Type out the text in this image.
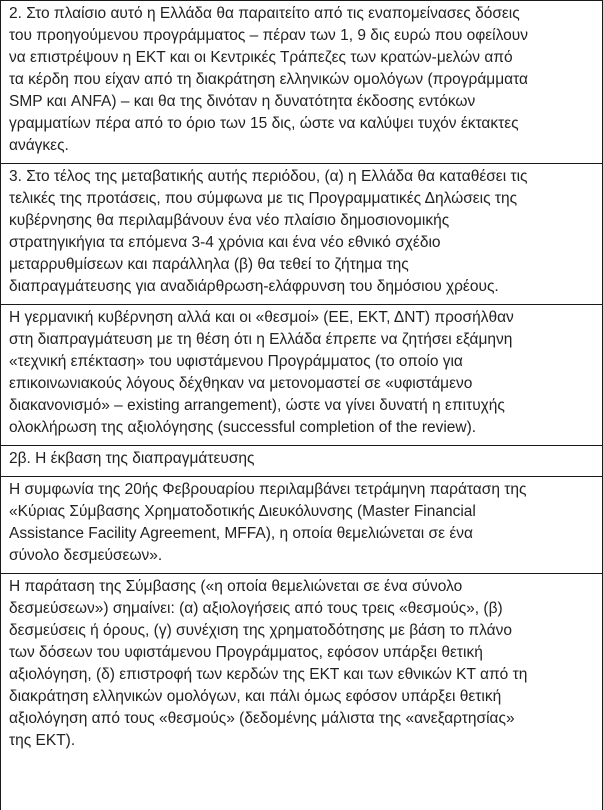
2. Στο πλαίσιο αυτό η Ελλάδα θα παραιτείτο από τις εναπομείνασες δόσεις
του προηγούμενου προγράμματος – πέραν των 1, 9 δις ευρώ που οφείλουν
να επιστρέψουν η ΕΚΤ και οι Κεντρικές Τράπεζες των κρατών-μελών από
τα κέρδη που είχαν από τη διακράτηση ελληνικών ομολόγων (προγράμματα
SMP και ANFA) – και θα της δινόταν η δυνατότητα έκδοσης εντόκων
γραμματίων πέρα από το όριο των 15 δις, ώστε να καλύψει τυχόν έκτακτες
ανάγκες.
3. Στο τέλος της μεταβατικής αυτής περιόδου, (α) η Ελλάδα θα καταθέσει τις
τελικές της προτάσεις, που σύμφωνα με τις Προγραμματικές Δηλώσεις της
κυβέρνησης θα περιλαμβάνουν ένα νέο πλαίσιο δημοσιονομικής
στρατηγικήγια τα επόμενα 3-4 χρόνια και ένα νέο εθνικό σχέδιο
μεταρρυθμίσεων και παράλληλα (β) θα τεθεί το ζήτημα της
διαπραγμάτευσης για αναδιάρθρωση-ελάφρυνση του δημόσιου χρέους.
Η γερμανική κυβέρνηση αλλά και οι «θεσμοί» (ΕΕ, ΕΚΤ, ΔΝΤ) προσήλθαν
στη διαπραγμάτευση με τη θέση ότι η Ελλάδα έπρεπε να ζητήσει εξάμηνη
«τεχνική επέκταση» του υφιστάμενου Προγράμματος (το οποίο για
επικοινωνιακούς λόγους δέχθηκαν να μετονομαστεί σε «υφιστάμενο
διακανονισμό» – existing arrangement), ώστε να γίνει δυνατή η επιτυχής
ολοκλήρωση της αξιολόγησης (successful completion of the review).
2β. Η έκβαση της διαπραγμάτευσης
Η συμφωνία της 20ής Φεβρουαρίου περιλαμβάνει τετράμηνη παράταση της
«Κύριας Σύμβασης Χρηματοδοτικής Διευκόλυνσης (Master Financial
Assistance Facility Agreement, MFFA), η οποία θεμελιώνεται σε ένα
σύνολο δεσμεύσεων».
Η παράταση της Σύμβασης («η οποία θεμελιώνεται σε ένα σύνολο
δεσμεύσεων») σημαίνει: (α) αξιολογήσεις από τους τρεις «θεσμούς», (β)
δεσμεύσεις ή όρους, (γ) συνέχιση της χρηματοδότησης με βάση το πλάνο
των δόσεων του υφιστάμενου Προγράμματος, εφόσον υπάρξει θετική
αξιολόγηση, (δ) επιστροφή των κερδών της ΕΚΤ και των εθνικών ΚΤ από τη
διακράτηση ελληνικών ομολόγων, και πάλι όμως εφόσον υπάρξει θετική
αξιολόγηση από τους «θεσμούς» (δεδομένης μάλιστα της «ανεξαρτησίας»
της ΕΚΤ).
